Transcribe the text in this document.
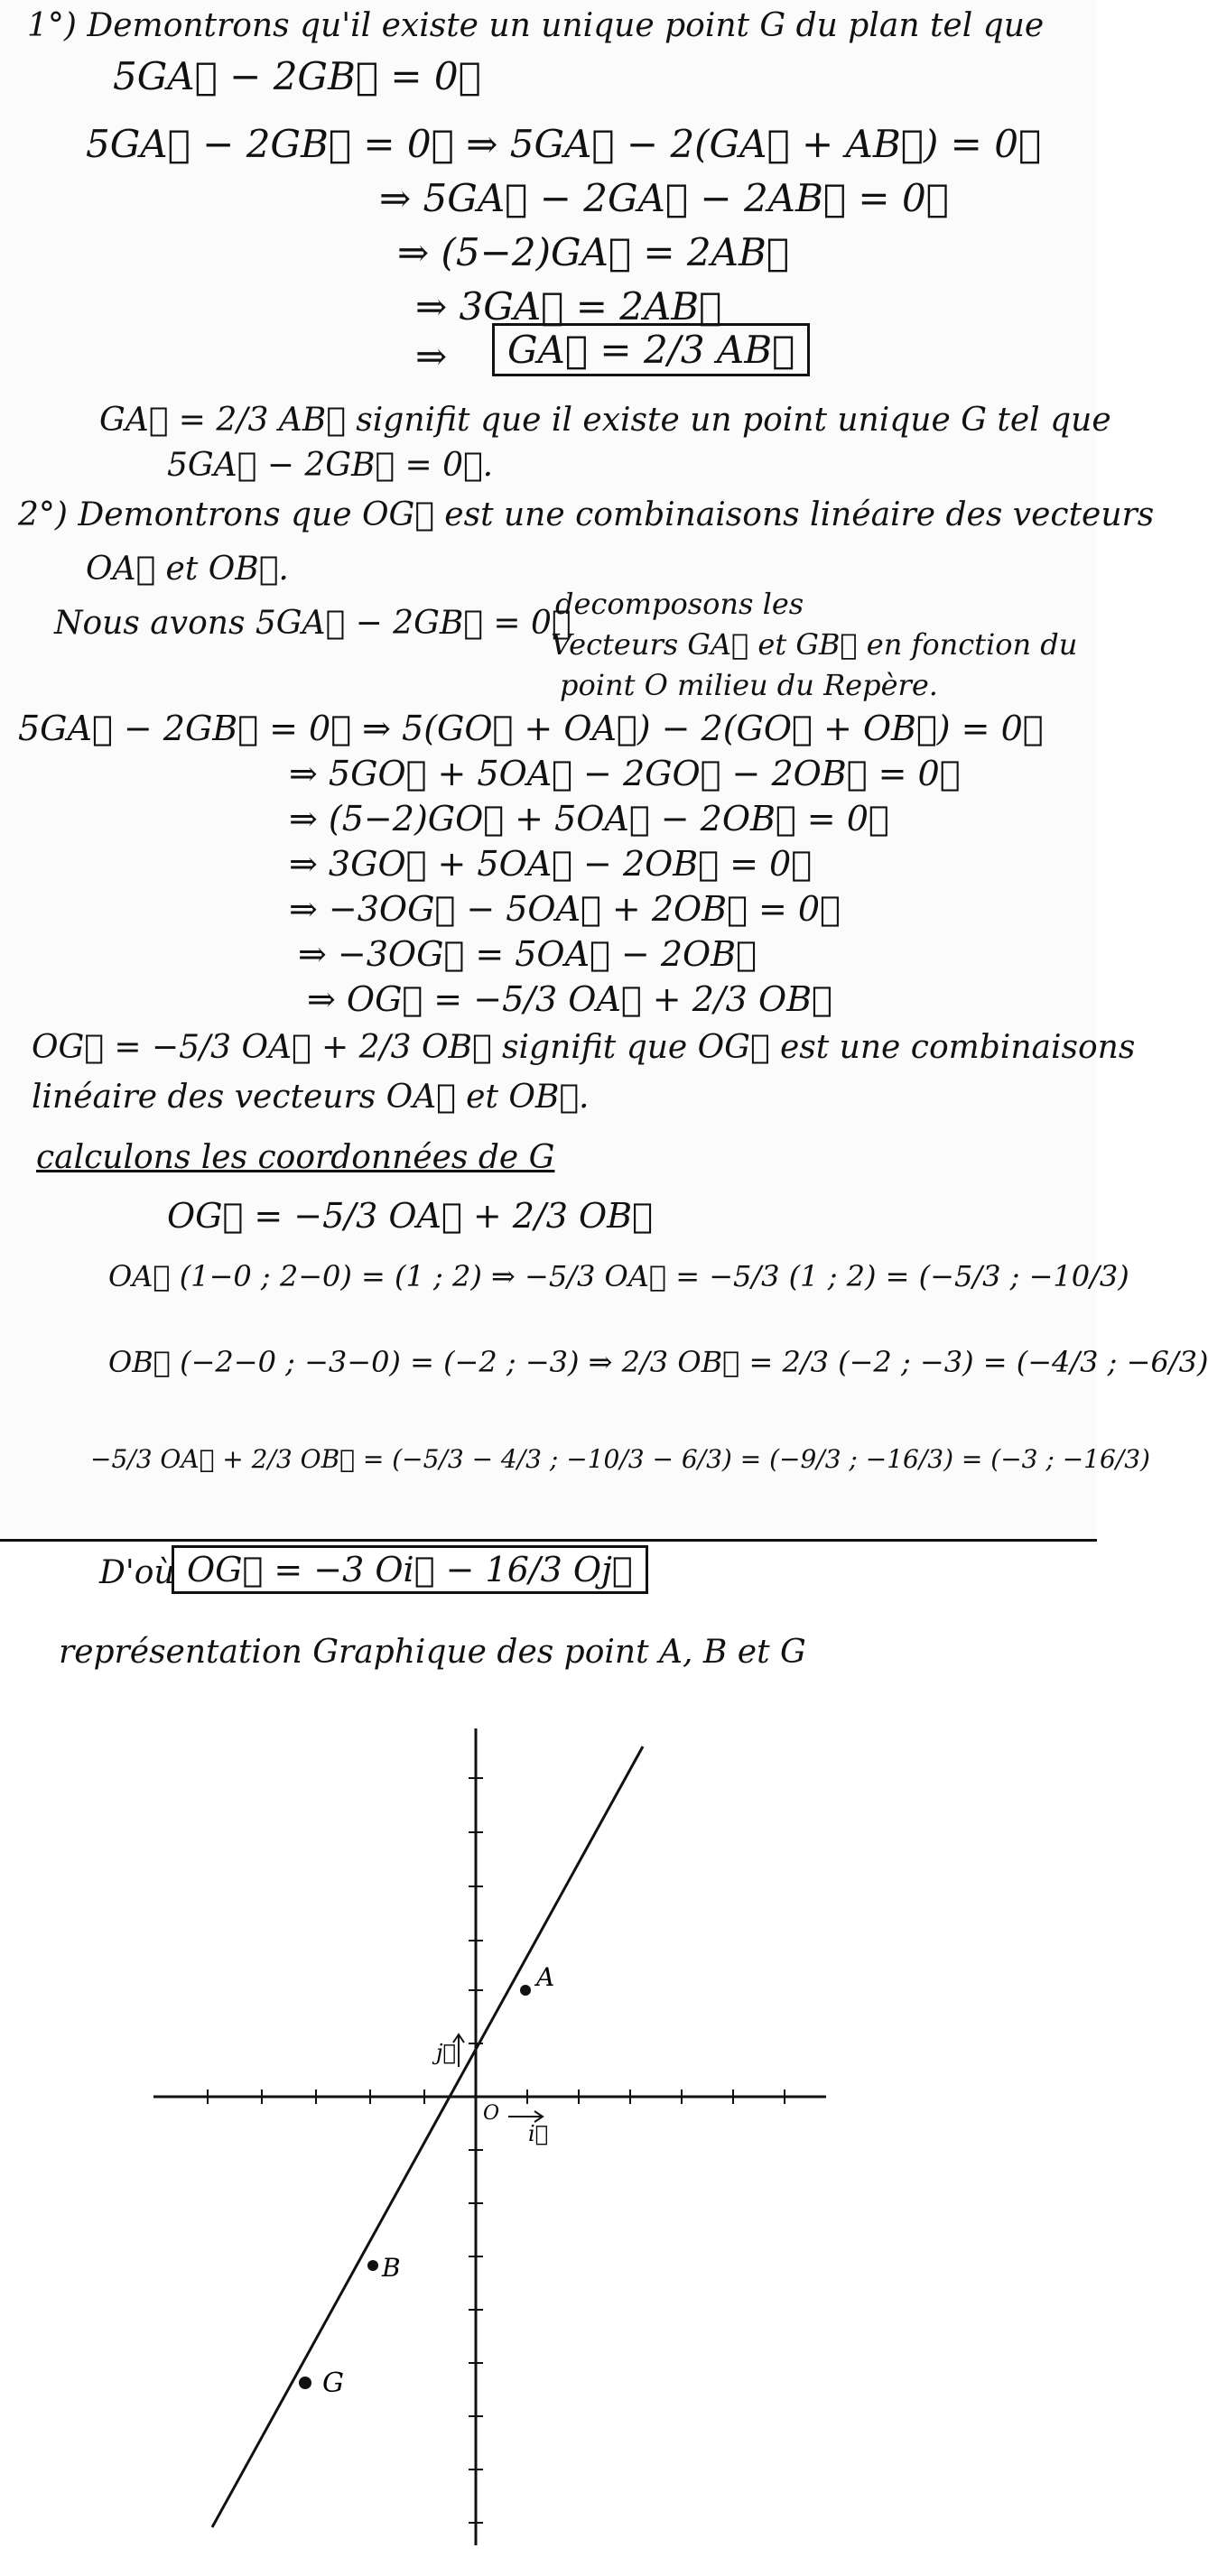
1°) Demontrons qu'il existe un unique point G du plan tel que
5GA⃗ − 2GB⃗ = 0⃗
5GA⃗ − 2GB⃗ = 0⃗ ⇒ 5GA⃗ − 2(GA⃗ + AB⃗) = 0⃗
⇒ 5GA⃗ − 2GA⃗ − 2AB⃗ = 0⃗
⇒ (5−2)GA⃗ = 2AB⃗
⇒ 3GA⃗ = 2AB⃗
⇒	GA⃗ = 2/3 AB⃗
GA⃗ = 2/3 AB⃗ signifit que il existe un point unique G tel que
5GA⃗ − 2GB⃗ = 0⃗.
2°) Demontrons que OG⃗ est une combinaisons linéaire des vecteurs
OA⃗ et OB⃗.
Nous avons 5GA⃗ − 2GB⃗ = 0⃗
decomposons les
Vecteurs GA⃗ et GB⃗ en fonction du
point O milieu du Repère.
5GA⃗ − 2GB⃗ = 0⃗ ⇒ 5(GO⃗ + OA⃗) − 2(GO⃗ + OB⃗) = 0⃗
⇒ 5GO⃗ + 5OA⃗ − 2GO⃗ − 2OB⃗ = 0⃗
⇒ (5−2)GO⃗ + 5OA⃗ − 2OB⃗ = 0⃗
⇒ 3GO⃗ + 5OA⃗ − 2OB⃗ = 0⃗
⇒ −3OG⃗ − 5OA⃗ + 2OB⃗ = 0⃗
⇒ −3OG⃗ = 5OA⃗ − 2OB⃗
⇒ OG⃗ = −5/3 OA⃗ + 2/3 OB⃗
OG⃗ = −5/3 OA⃗ + 2/3 OB⃗ signifit que OG⃗ est une combinaisons
linéaire des vecteurs OA⃗ et OB⃗.
calculons les coordonnées de G
OG⃗ = −5/3 OA⃗ + 2/3 OB⃗
OA⃗ (1−0 ; 2−0) = (1 ; 2) ⇒ −5/3 OA⃗ = −5/3 (1 ; 2) = (−5/3 ; −10/3)
OB⃗ (−2−0 ; −3−0) = (−2 ; −3) ⇒ 2/3 OB⃗ = 2/3 (−2 ; −3) = (−4/3 ; −6/3)
−5/3 OA⃗ + 2/3 OB⃗ = (−5/3 − 4/3 ; −10/3 − 6/3) = (−9/3 ; −16/3) = (−3 ; −16/3)
D'où OG⃗ = −3 Oi⃗ − 16/3 Oj⃗
représentation Graphique des point A, B et G
A
B
G
O
i⃗
j⃗
